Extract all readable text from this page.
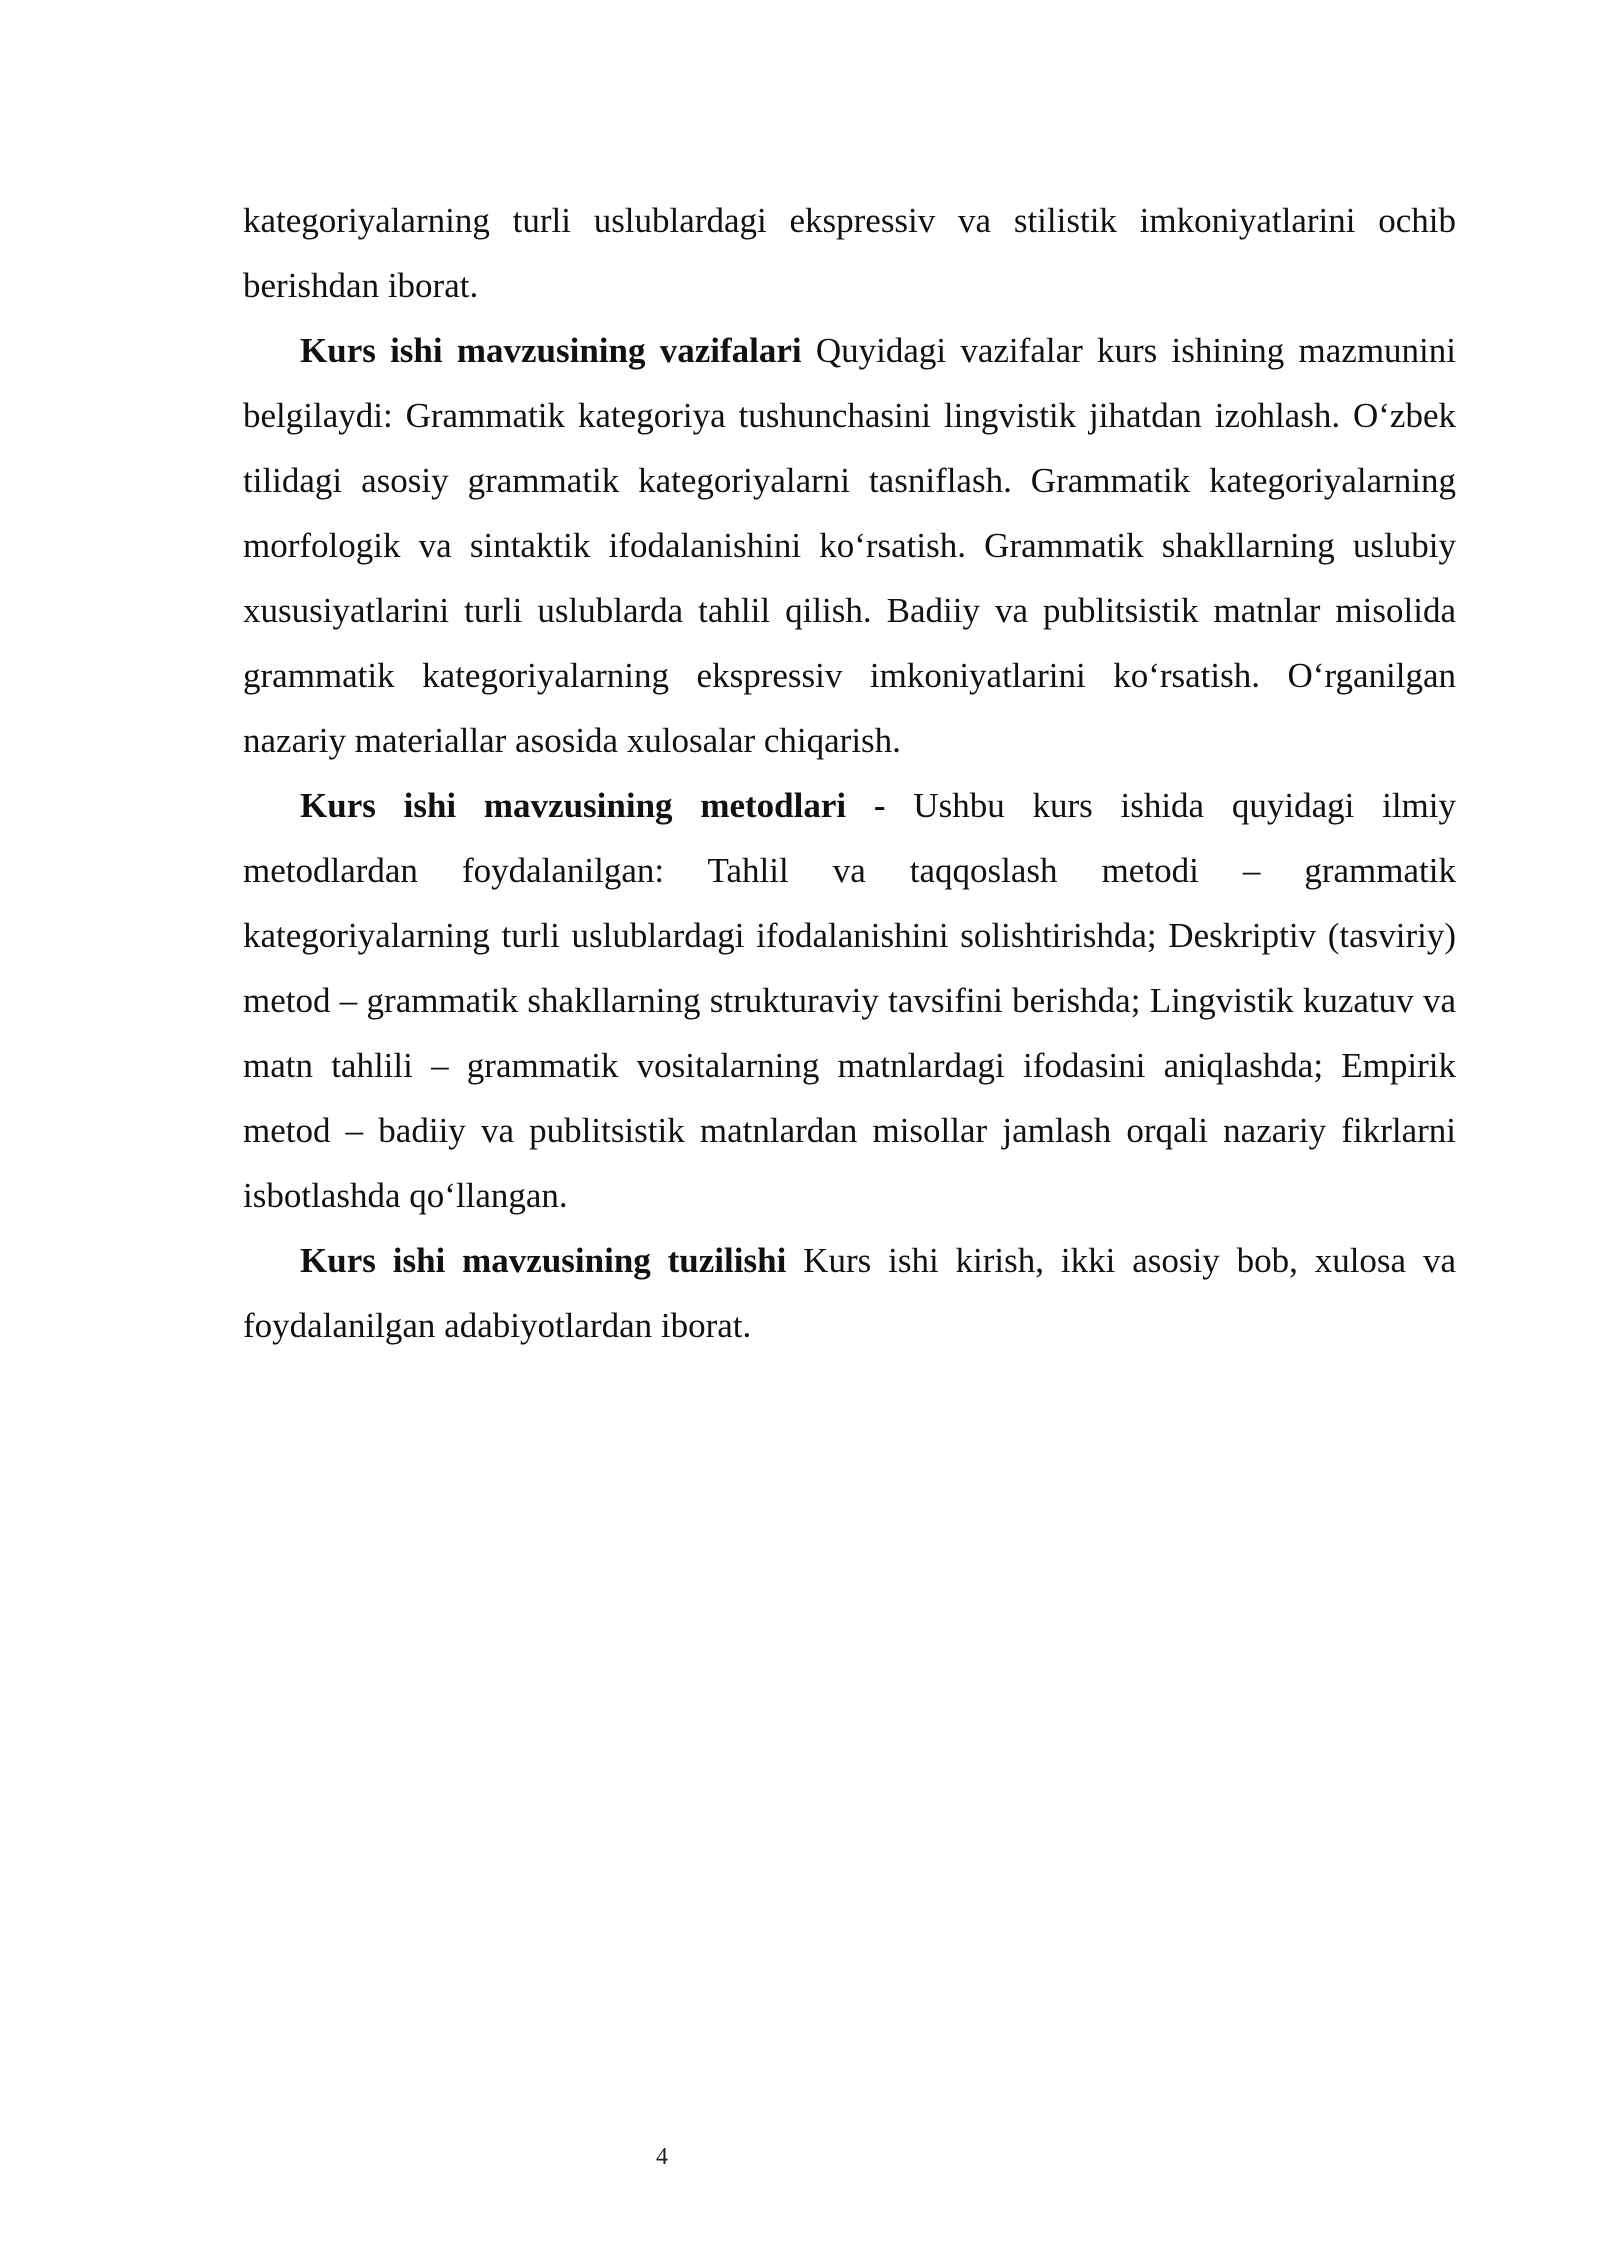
kategoriyalarning turli uslublardagi ekspressiv va stilistik imkoniyatlarini ochib berishdan iborat.

Kurs ishi mavzusining vazifalari Quyidagi vazifalar kurs ishining mazmunini belgilaydi: Grammatik kategoriya tushunchasini lingvistik jihatdan izohlash. O‘zbek tilidagi asosiy grammatik kategoriyalarni tasniflash. Grammatik kategoriyalarning morfologik va sintaktik ifodalanishini ko‘rsatish. Grammatik shakllarning uslubiy xususiyatlarini turli uslublarda tahlil qilish. Badiiy va publitsistik matnlar misolida grammatik kategoriyalarning ekspressiv imkoniyatlarini ko‘rsatish. O‘rganilgan nazariy materiallar asosida xulosalar chiqarish.

Kurs ishi mavzusining metodlari - Ushbu kurs ishida quyidagi ilmiy metodlardan foydalanilgan: Tahlil va taqqoslash metodi – grammatik kategoriyalarning turli uslublardagi ifodalanishini solishtirishda; Deskriptiv (tasviriy) metod – grammatik shakllarning strukturaviy tavsifini berishda; Lingvistik kuzatuv va matn tahlili – grammatik vositalarning matnlardagi ifodasini aniqlashda; Empirik metod – badiiy va publitsistik matnlardan misollar jamlash orqali nazariy fikrlarni isbotlashda qo‘llangan.

Kurs ishi mavzusining tuzilishi Kurs ishi kirish, ikki asosiy bob, xulosa va foydalanilgan adabiyotlardan iborat.

4
